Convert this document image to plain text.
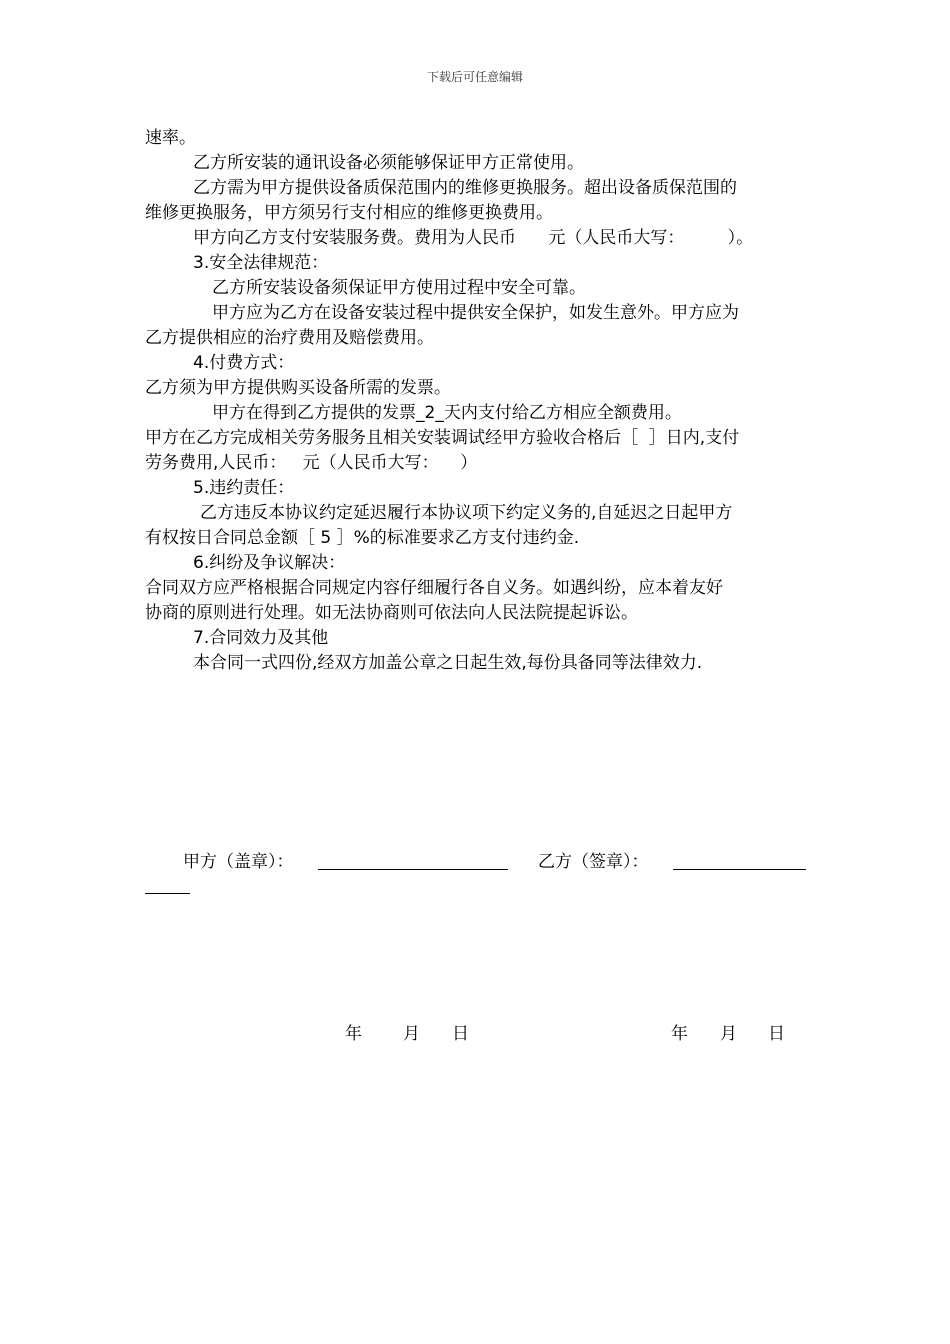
下载后可任意编辑
速率。
乙方所安装的通讯设备必须能够保证甲方正常使用。
乙方需为甲方提供设备质保范围内的维修更换服务。超出设备质保范围的
维修更换服务，甲方须另行支付相应的维修更换费用。
甲方向乙方支付安装服务费。费用为人民币      元（人民币大写：        ）。
3.安全法律规范：
乙方所安装设备须保证甲方使用过程中安全可靠。
甲方应为乙方在设备安装过程中提供安全保护，如发生意外。甲方应为
乙方提供相应的治疗费用及赔偿费用。
4.付费方式：
乙方须为甲方提供购买设备所需的发票。
甲方在得到乙方提供的发票_2_天内支付给乙方相应全额费用。
甲方在乙方完成相关劳务服务且相关安装调试经甲方验收合格后［  ］日内,支付
劳务费用,人民币：   元（人民币大写：    ）
5.违约责任：
乙方违反本协议约定延迟履行本协议项下约定义务的,自延迟之日起甲方
有权按日合同总金额［ 5 ］%的标准要求乙方支付违约金.
6.纠纷及争议解决：
合同双方应严格根据合同规定内容仔细履行各自义务。如遇纠纷，应本着友好
协商的原则进行处理。如无法协商则可依法向人民法院提起诉讼。
7.合同效力及其他
本合同一式四份,经双方加盖公章之日起生效,每份具备同等法律效力.
甲方（盖章）：	乙方（签章）：
年 月 日	年 月 日
